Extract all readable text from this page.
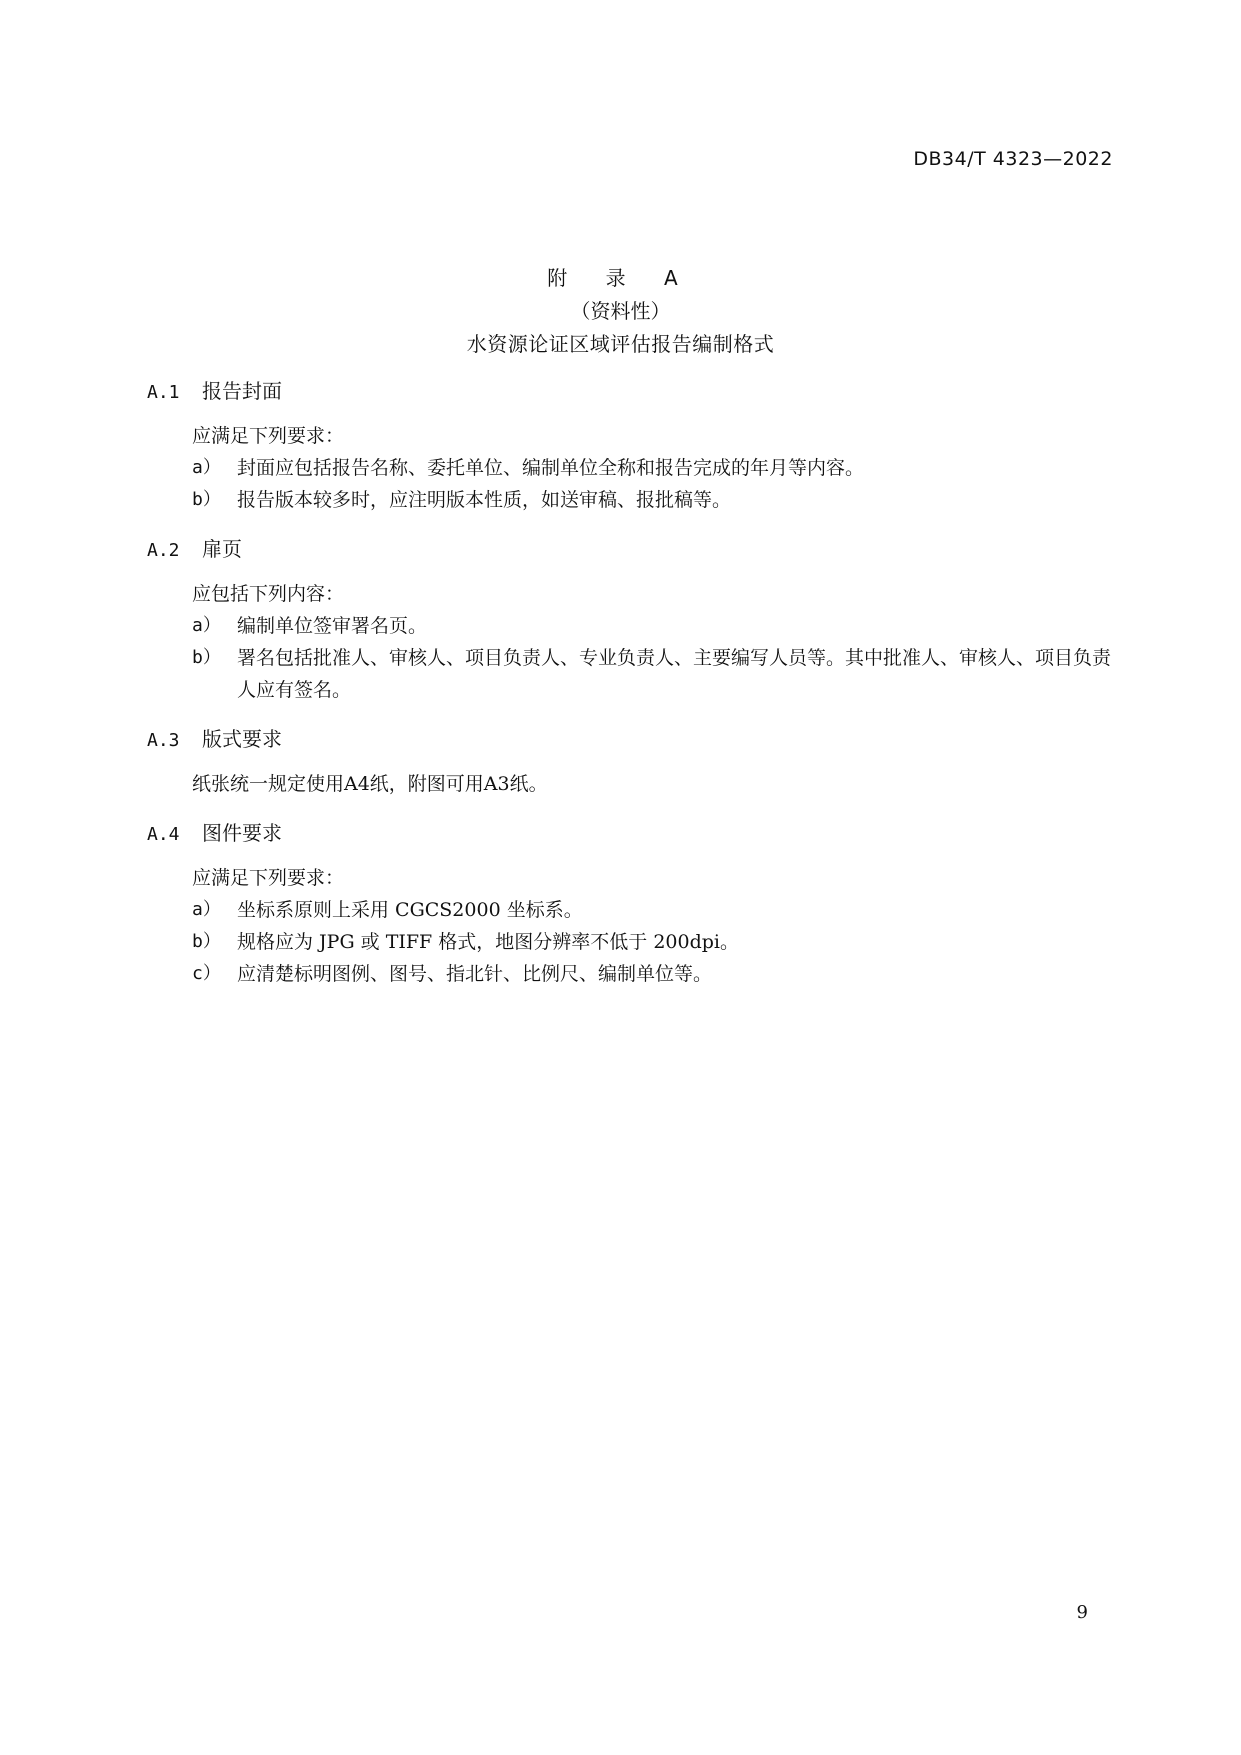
DB34/T 4323—2022
附 录 A
（资料性）
水资源论证区域评估报告编制格式
A.1 报告封面

应满足下列要求：

a） 封面应包括报告名称、委托单位、编制单位全称和报告完成的年月等内容。

b） 报告版本较多时，应注明版本性质，如送审稿、报批稿等。

A.2 扉页

应包括下列内容：

a） 编制单位签审署名页。

b） 署名包括批准人、审核人、项目负责人、专业负责人、主要编写人员等。其中批准人、审核人、项目负责人应有签名。

A.3 版式要求

纸张统一规定使用A4纸，附图可用A3纸。

A.4 图件要求

应满足下列要求：

a） 坐标系原则上采用 CGCS2000 坐标系。

b） 规格应为 JPG 或 TIFF 格式，地图分辨率不低于 200dpi。

c） 应清楚标明图例、图号、指北针、比例尺、编制单位等。

9
